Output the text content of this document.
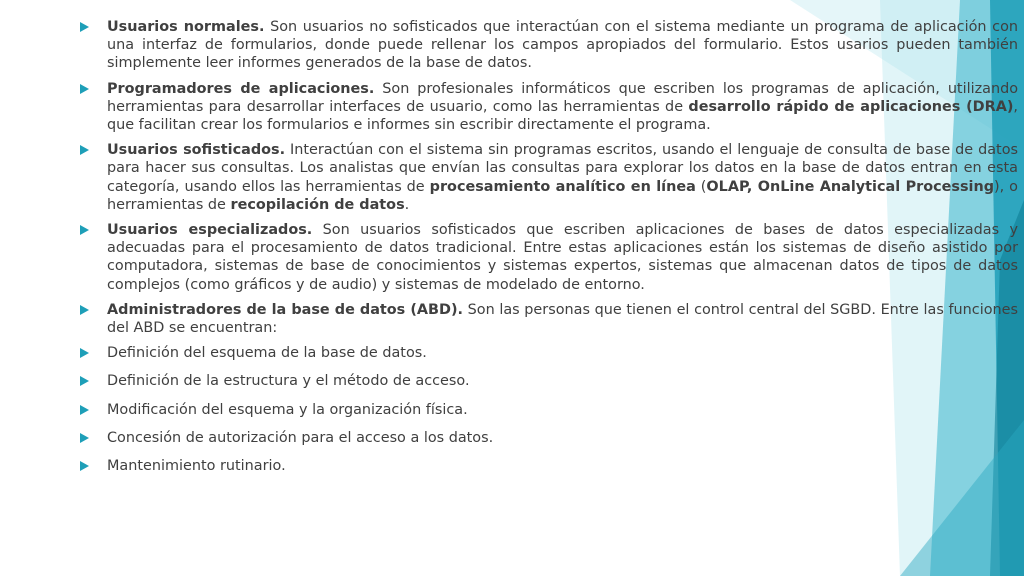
Usuarios normales. Son usuarios no sofisticados que interactúan con el sistema mediante un programa de aplicación con una interfaz de formularios, donde puede rellenar los campos apropiados del formulario. Estos usarios pueden también simplemente leer informes generados de la base de datos.
Programadores de aplicaciones. Son profesionales informáticos que escriben los programas de aplicación, utilizando herramientas para desarrollar interfaces de usuario, como las herramientas de desarrollo rápido de aplicaciones (DRA), que facilitan crear los formularios e informes sin escribir directamente el programa.
Usuarios sofisticados. Interactúan con el sistema sin programas escritos, usando el lenguaje de consulta de base de datos para hacer sus consultas. Los analistas que envían las consultas para explorar los datos en la base de datos entran en esta categoría, usando ellos las herramientas de procesamiento analítico en línea (OLAP, OnLine Analytical Processing), o herramientas de recopilación de datos.
Usuarios especializados. Son usuarios sofisticados que escriben aplicaciones de bases de datos especializadas y adecuadas para el procesamiento de datos tradicional. Entre estas aplicaciones están los sistemas de diseño asistido por computadora, sistemas de base de conocimientos y sistemas expertos, sistemas que almacenan datos de tipos de datos complejos (como gráficos y de audio) y sistemas de modelado de entorno.
Administradores de la base de datos (ABD). Son las personas que tienen el control central del SGBD. Entre las funciones del ABD se encuentran:
Definición del esquema de la base de datos.
Definición de la estructura y el método de acceso.
Modificación del esquema y la organización física.
Concesión de autorización para el acceso a los datos.
Mantenimiento rutinario.
